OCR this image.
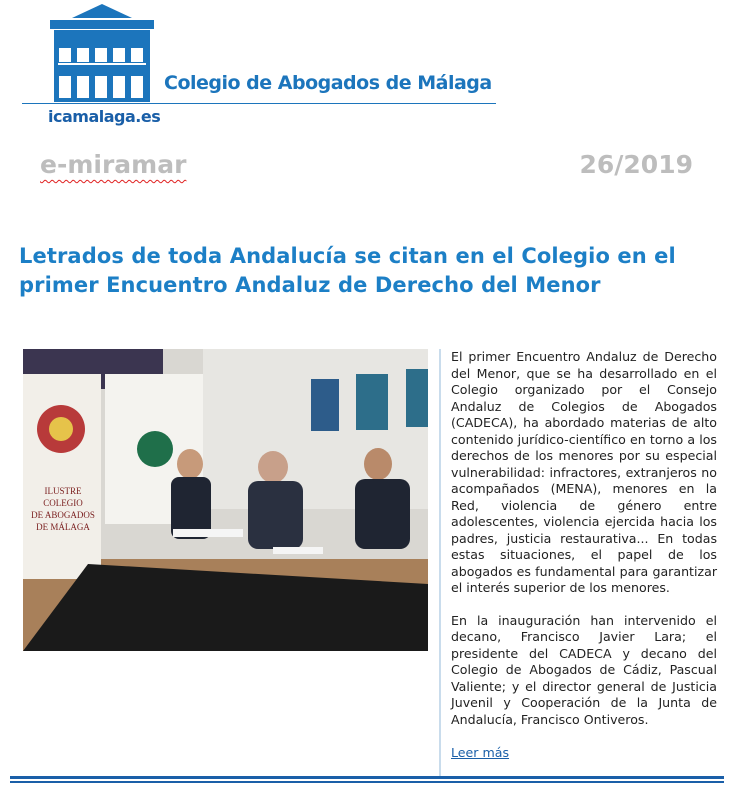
Colegio de Abogados de Málaga
icamalaga.es
e-miramar	26/2019
Letrados de toda Andalucía se citan en el Colegio en el primer Encuentro Andaluz de Derecho del Menor
ILUSTRE
COLEGIO
DE ABOGADOS
DE MÁLAGA

El primer Encuentro Andaluz de Derecho del Menor, que se ha desarrollado en el Colegio organizado por el Consejo Andaluz de Colegios de Abogados (CADECA), ha abordado materias de alto contenido jurídico-científico en torno a los derechos de los menores por su especial vulnerabilidad: infractores, extranjeros no acompañados (MENA), menores en la Red, violencia de género entre adolescentes, violencia ejercida hacia los padres, justicia restaurativa... En todas estas situaciones, el papel de los abogados es fundamental para garantizar el interés superior de los menores.

En la inauguración han intervenido el decano, Francisco Javier Lara; el presidente del CADECA y decano del Colegio de Abogados de Cádiz, Pascual Valiente; y el director general de Justicia Juvenil y Cooperación de la Junta de Andalucía, Francisco Ontiveros.

Leer más
